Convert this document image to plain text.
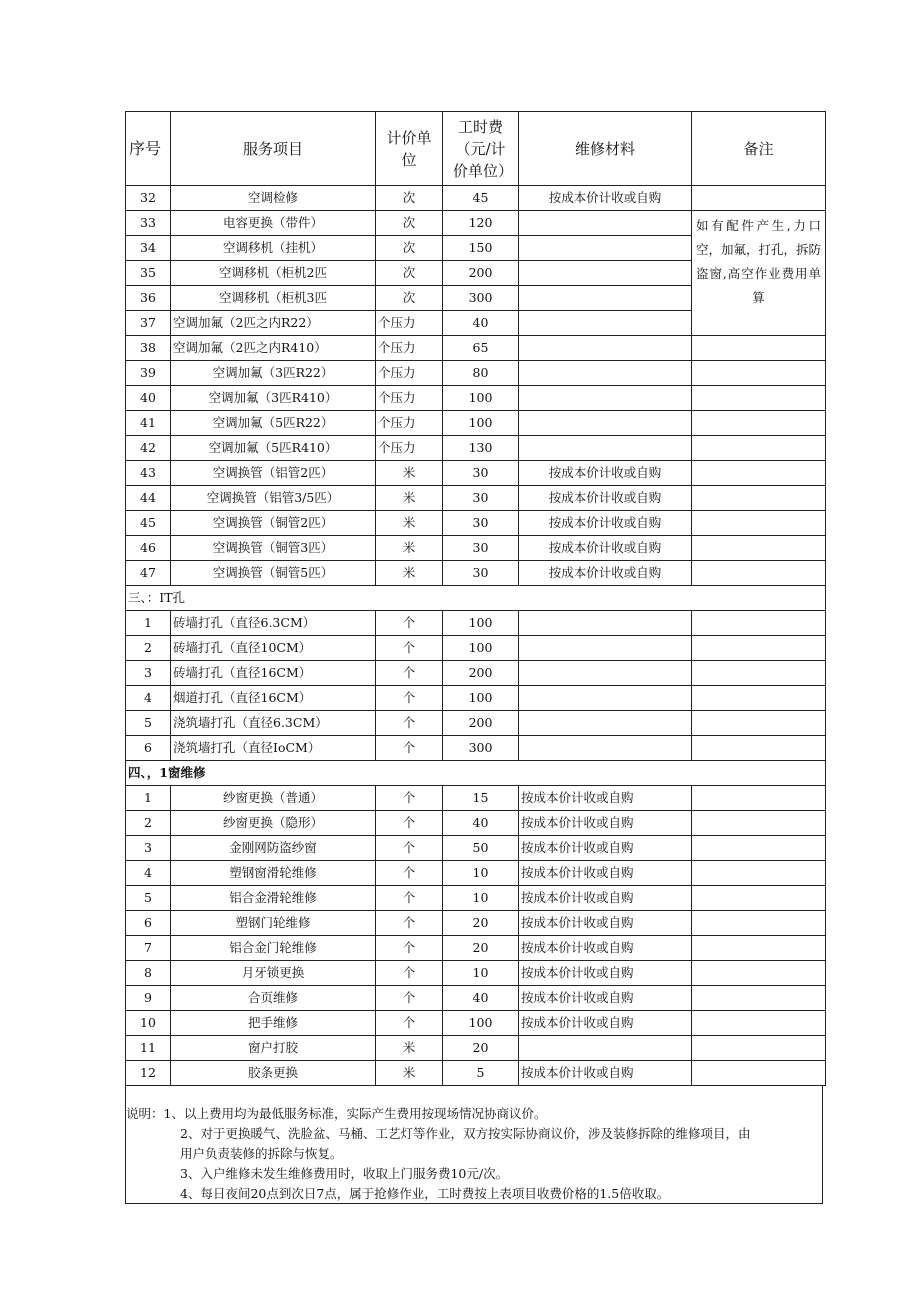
序号	服务项目	计价单位	工时费（元/计价单位）	维修材料	备注
32	空调检修	次	45	按成本价计收或自购	
33	电容更换（带件）	次	120		如有配件产生,力口空，加氟，打孔，拆防盗窗,高空作业费用单算
34	空调移机（挂机）	次	150		
35	空调移机（柜机2匹	次	200		
36	空调移机（柜机3匹	次	300		
37	空调加氟（2匹之内R22）	个压力	40		
38	空调加氟（2匹之内R410）	个压力	65		
39	空调加氟（3匹R22）	个压力	80		
40	空调加氟（3匹R410）	个压力	100		
41	空调加氟（5匹R22）	个压力	100		
42	空调加氟（5匹R410）	个压力	130		
43	空调换管（铝管2匹）	米	30	按成本价计收或自购	
44	空调换管（铝管3/5匹）	米	30	按成本价计收或自购	
45	空调换管（铜管2匹）	米	30	按成本价计收或自购	
46	空调换管（铜管3匹）	米	30	按成本价计收或自购	
47	空调换管（铜管5匹）	米	30	按成本价计收或自购	
三、：IT孔					
1	砖墙打孔（直径6.3CM）	个	100		
2	砖墙打孔（直径10CM）	个	100		
3	砖墙打孔（直径16CM）	个	200		
4	烟道打孔（直径16CM）	个	100		
5	浇筑墙打孔（直径6.3CM）	个	200		
6	浇筑墙打孔（直径IoCM）	个	300		
四、，1窗维修					
1	纱窗更换（普通）	个	15	按成本价计收或自购	
2	纱窗更换（隐形）	个	40	按成本价计收或自购	
3	金刚网防盗纱窗	个	50	按成本价计收或自购	
4	塑钢窗滑轮维修	个	10	按成本价计收或自购	
5	铝合金滑轮维修	个	10	按成本价计收或自购	
6	塑钢门轮维修	个	20	按成本价计收或自购	
7	铝合金门轮维修	个	20	按成本价计收或自购	
8	月牙锁更换	个	10	按成本价计收或自购	
9	合页维修	个	40	按成本价计收或自购	
10	把手维修	个	100	按成本价计收或自购	
11	窗户打胶	米	20		
12	胶条更换	米	5	按成本价计收或自购	

说明：1、以上费用均为最低服务标准，实际产生费用按现场情况协商议价。

2、对于更换暖气、洗脸盆、马桶、工艺灯等作业，双方按实际协商议价，涉及装修拆除的维修项目，由

用户负责装修的拆除与恢复。

3、入户维修未发生维修费用时，收取上门服务费10元/次。

4、每日夜间20点到次日7点，属于抢修作业，工时费按上表项目收费价格的1.5倍收取。
